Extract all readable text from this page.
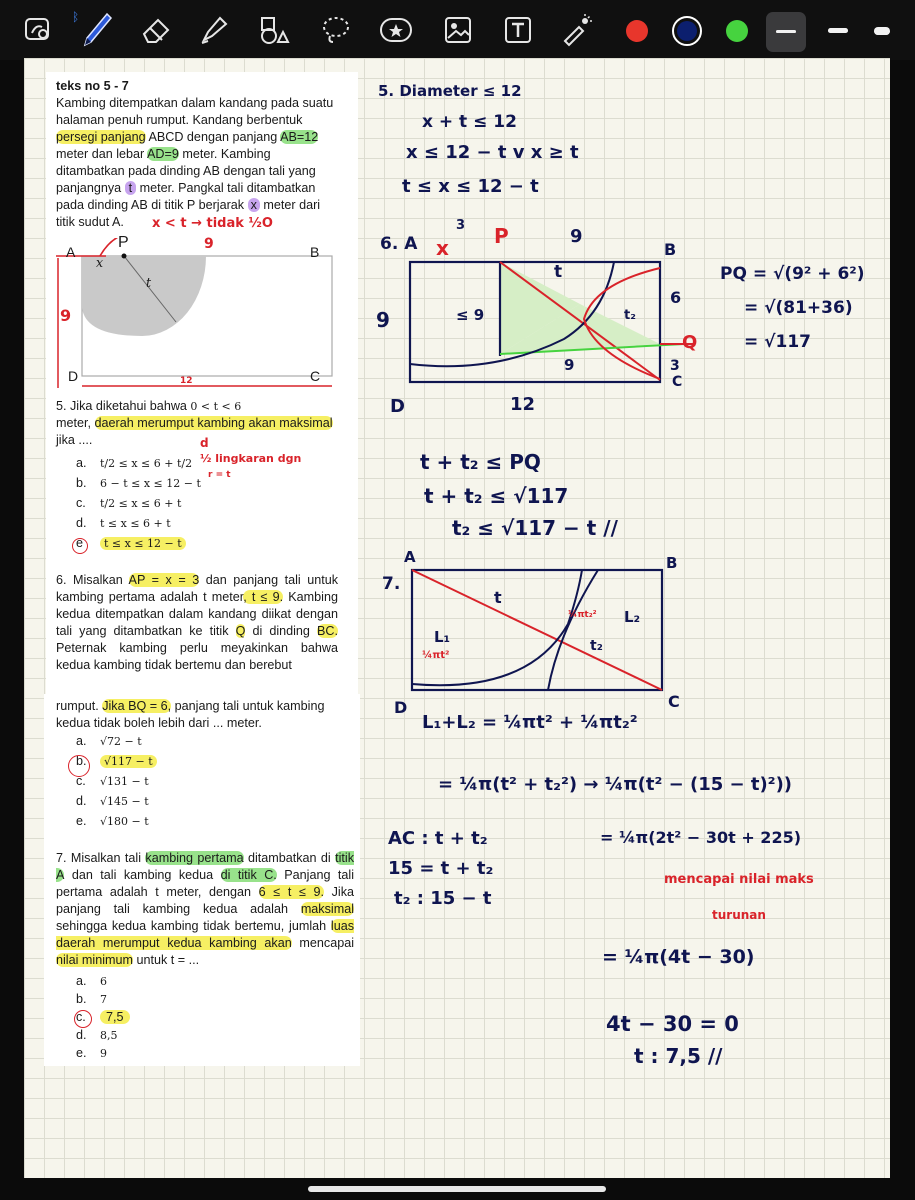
ᛒ
teks no 5 - 7
Kambing ditempatkan dalam kandang pada suatu halaman penuh rumput. Kandang berbentuk persegi panjang ABCD dengan panjang AB=12 meter dan lebar AD=9 meter. Kambing ditambatkan pada dinding AB dengan tali yang panjangnya t meter. Pangkal tali ditambatkan pada dinding AB di titik P berjarak x meter dari titik sudut A.
A
P
B
C
D
x
t
x < t → tidak ½O
9
9
12
5. Jika diketahui bahwa 0 < t < 6
meter, daerah merumput kambing akan maksimal
jika ....
a. t/2 ≤ x ≤ 6 + t/2
b. 6 − t ≤ x ≤ 12 − t
c. t/2 ≤ x ≤ 6 + t
d. t ≤ x ≤ 6 + t
e t ≤ x ≤ 12 − t
d
½ lingkaran dgn
r = t
6. Misalkan AP = x = 3 dan panjang tali untuk kambing pertama adalah t meter, t ≤ 9. Kambing kedua ditempatkan dalam kandang diikat dengan tali yang ditambatkan ke titik Q di dinding BC. Peternak kambing perlu meyakinkan bahwa kedua kambing tidak bertemu dan berebut
rumput. Jika BQ = 6, panjang tali untuk kambing kedua tidak boleh lebih dari ... meter.
a. √72 − t
b. √117 − t
c. √131 − t
d. √145 − t
e. √180 − t
7. Misalkan tali kambing pertama ditambatkan di titik A dan tali kambing kedua di titik C. Panjang tali pertama adalah t meter, dengan 6 ≤ t ≤ 9. Jika panjang tali kambing kedua adalah maksimal sehingga kedua kambing tidak bertemu, jumlah luas daerah merumput kedua kambing akan mencapai nilai minimum untuk t = ...
a. 6
b. 7
c. 7,5
d. 8,5
e. 9
5. Diameter ≤ 12
x + t ≤ 12
x ≤ 12 − t v x ≥ t
t ≤ x ≤ 12 − t
6. A x
3 P	9
B
9	≤ 9
t
t₂
6
Q
3
C
9
D	12
PQ = √(9² + 6²)
= √(81+36)
= √117
t + t₂ ≤ PQ
t + t₂ ≤ √117
t₂ ≤ √117 − t //
7.
A	B
C
D
t
L₁
¼πt²
L₂
¼πt₂²
t₂
L₁+L₂ = ¼πt² + ¼πt₂²
= ¼π(t² + t₂²) → ¼π(t² − (15 − t)²))
AC : t + t₂
15 = t + t₂
t₂ : 15 − t
= ¼π(2t² − 30t + 225)
mencapai nilai maks
turunan
= ¼π(4t − 30)
4t − 30 = 0
t : 7,5 //
